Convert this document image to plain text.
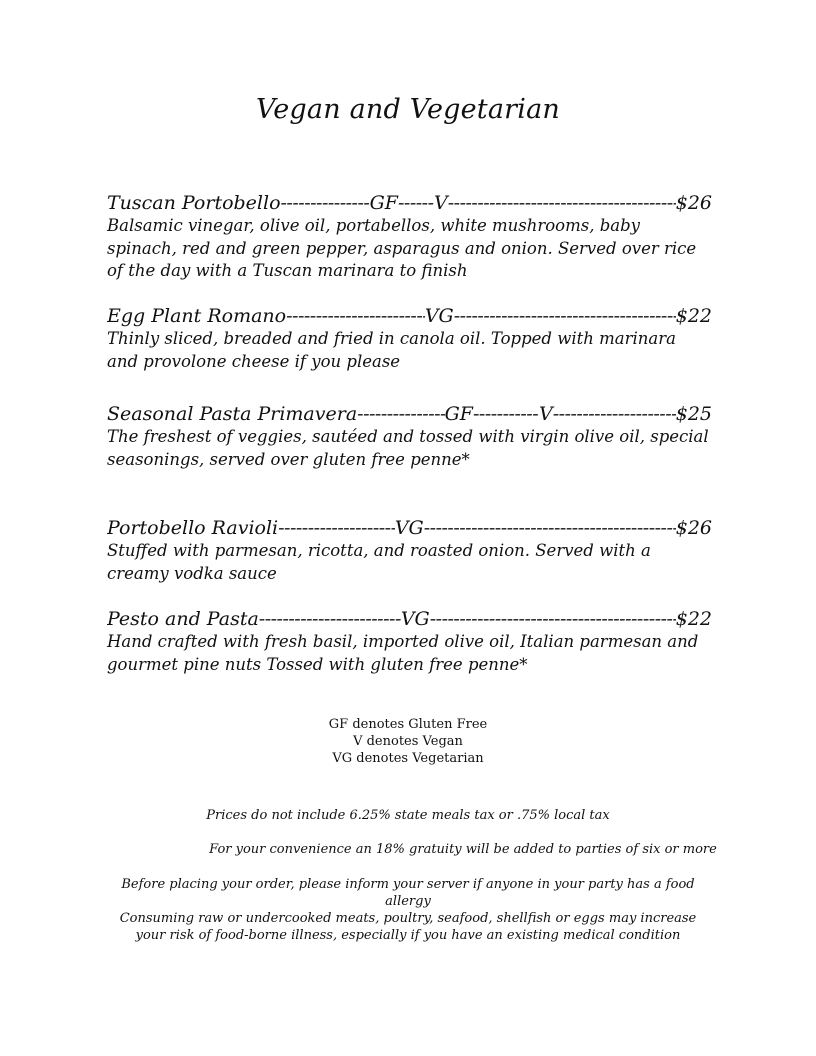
Vegan and Vegetarian
Tuscan Portobello -----	GF ----- V -----	$26

Balsamic vinegar, olive oil, portabellos, white mushrooms, baby spinach, red and green pepper, asparagus and onion. Served over rice of the day with a Tuscan marinara to finish

Egg Plant Romano -----	VG -----	$22

Thinly sliced, breaded and fried in canola oil. Topped with marinara and provolone cheese if you please

Seasonal Pasta Primavera -----	GF -----	V -----	$25

The freshest of veggies, sautéed and tossed with virgin olive oil, special seasonings, served over gluten free penne*

Portobello Ravioli -----	VG -----	$26

Stuffed with parmesan, ricotta, and roasted onion. Served with a creamy vodka sauce

Pesto and Pasta -----	VG -----	$22

Hand crafted with fresh basil, imported olive oil, Italian parmesan and gourmet pine nuts Tossed with gluten free penne*

GF denotes Gluten Free
V denotes Vegan
VG denotes Vegetarian
Prices do not include 6.25% state meals tax or .75% local tax
For your convenience an 18% gratuity will be added to parties of six or more
Before placing your order, please inform your server if anyone in your party has a food allergy
Consuming raw or undercooked meats, poultry, seafood, shellfish or eggs may increase your risk of food-borne illness, especially if you have an existing medical condition
